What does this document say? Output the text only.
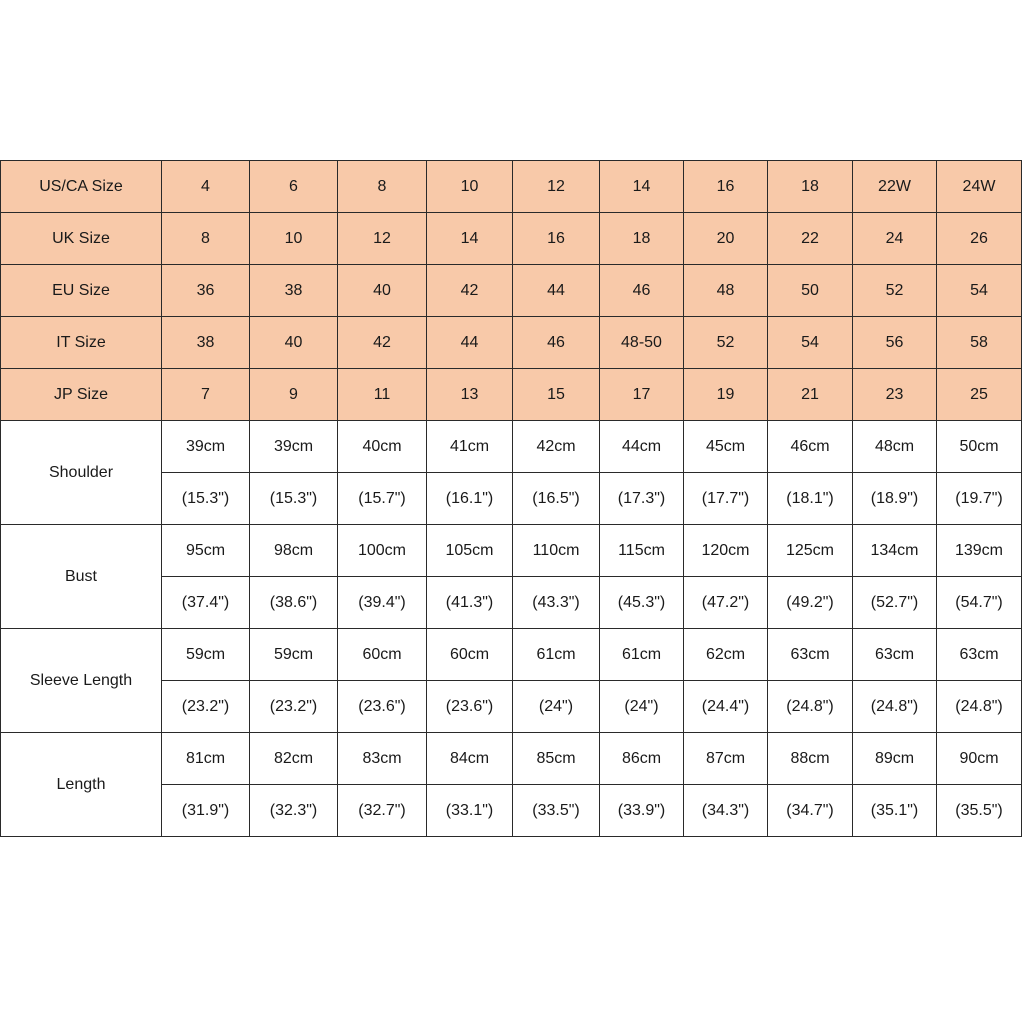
US/CA Size	4	6	8	10	12	14	16	18	22W	24W
UK Size	8	10	12	14	16	18	20	22	24	26
EU Size	36	38	40	42	44	46	48	50	52	54
IT Size	38	40	42	44	46	48-50	52	54	56	58
JP Size	7	9	11	13	15	17	19	21	23	25
Shoulder	39cm	39cm	40cm	41cm	42cm	44cm	45cm	46cm	48cm	50cm
	(15.3")	(15.3")	(15.7")	(16.1")	(16.5")	(17.3")	(17.7")	(18.1")	(18.9")	(19.7")
Bust	95cm	98cm	100cm	105cm	110cm	115cm	120cm	125cm	134cm	139cm
	(37.4")	(38.6")	(39.4")	(41.3")	(43.3")	(45.3")	(47.2")	(49.2")	(52.7")	(54.7")
Sleeve Length	59cm	59cm	60cm	60cm	61cm	61cm	62cm	63cm	63cm	63cm
	(23.2")	(23.2")	(23.6")	(23.6")	(24")	(24")	(24.4")	(24.8")	(24.8")	(24.8")
Length	81cm	82cm	83cm	84cm	85cm	86cm	87cm	88cm	89cm	90cm
	(31.9")	(32.3")	(32.7")	(33.1")	(33.5")	(33.9")	(34.3")	(34.7")	(35.1")	(35.5")
